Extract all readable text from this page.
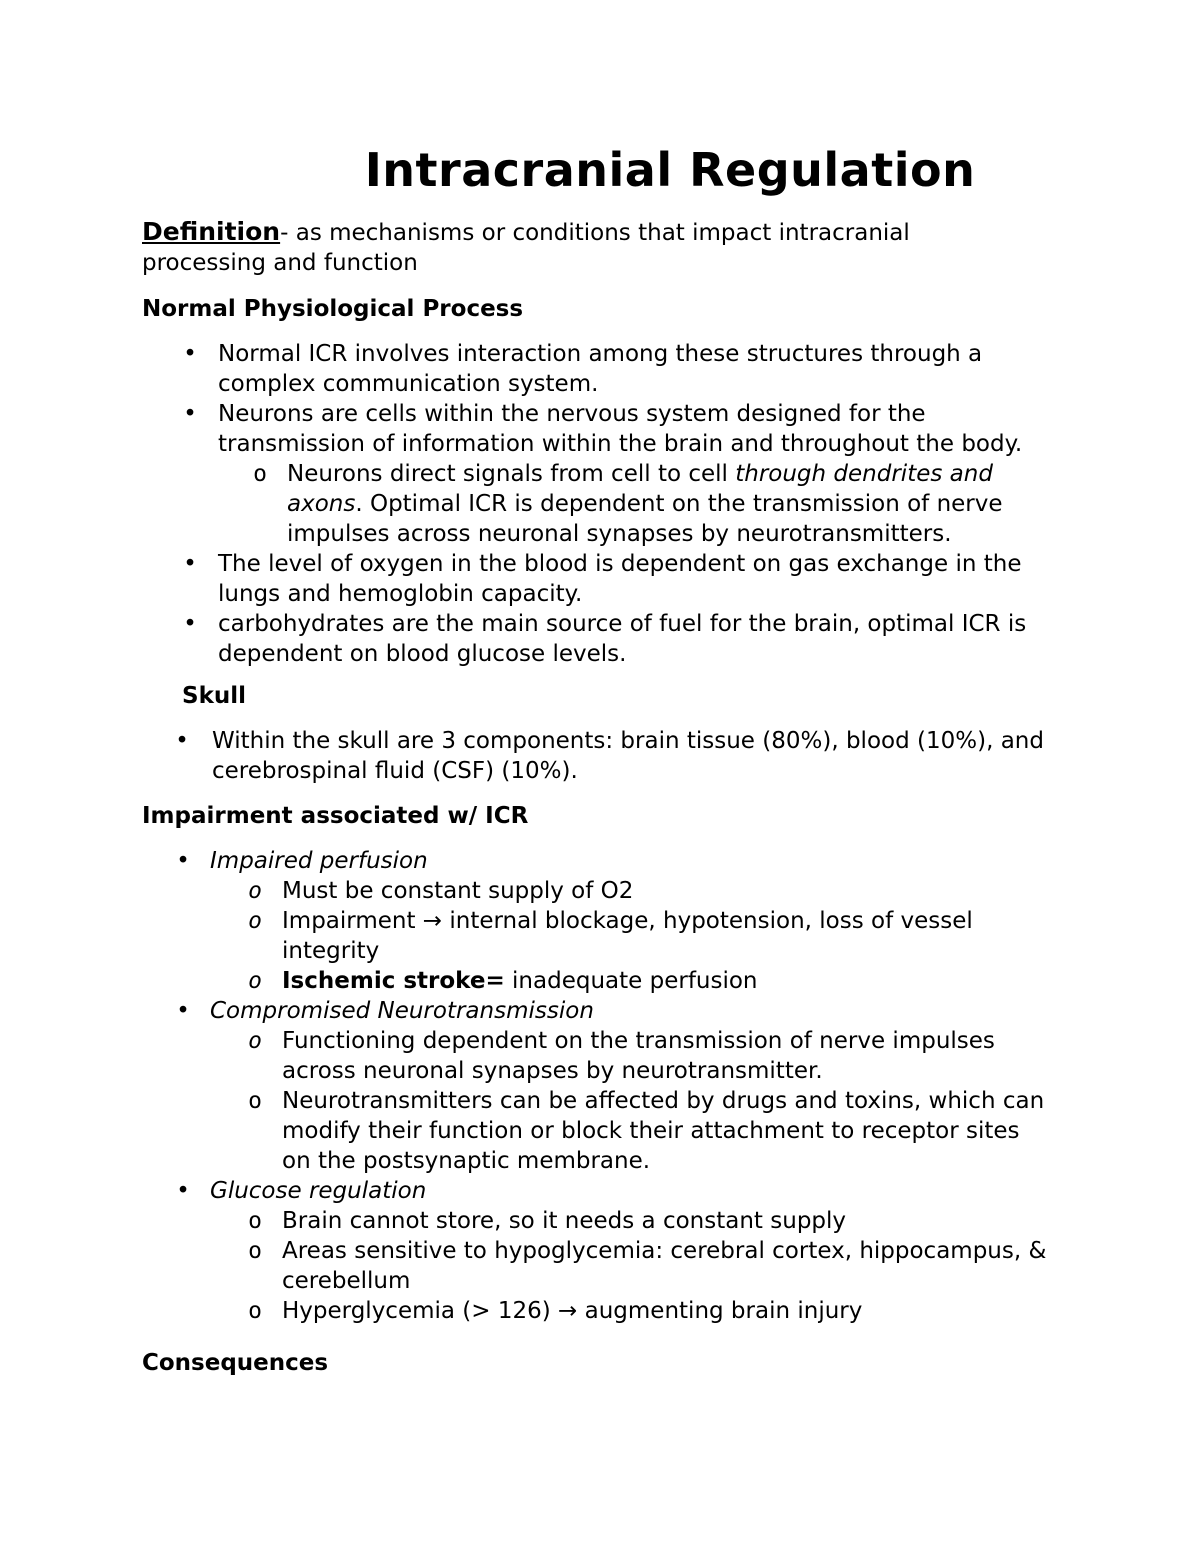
Intracranial Regulation
Definition- as mechanisms or conditions that impact intracranial processing and function
Normal Physiological Process
• Normal ICR involves interaction among these structures through a complex communication system.
• Neurons are cells within the nervous system designed for the transmission of information within the brain and throughout the body.
o Neurons direct signals from cell to cell through dendrites and axons. Optimal ICR is dependent on the transmission of nerve impulses across neuronal synapses by neurotransmitters.
• The level of oxygen in the blood is dependent on gas exchange in the lungs and hemoglobin capacity.
• carbohydrates are the main source of fuel for the brain, optimal ICR is dependent on blood glucose levels.
Skull
• Within the skull are 3 components: brain tissue (80%), blood (10%), and cerebrospinal fluid (CSF) (10%).
Impairment associated w/ ICR
• Impaired perfusion
o Must be constant supply of O2
o Impairment → internal blockage, hypotension, loss of vessel integrity
o Ischemic stroke= inadequate perfusion
• Compromised Neurotransmission
o Functioning dependent on the transmission of nerve impulses across neuronal synapses by neurotransmitter.
o Neurotransmitters can be affected by drugs and toxins, which can modify their function or block their attachment to receptor sites on the postsynaptic membrane.
• Glucose regulation
o Brain cannot store, so it needs a constant supply
o Areas sensitive to hypoglycemia: cerebral cortex, hippocampus, & cerebellum
o Hyperglycemia (> 126) → augmenting brain injury
Consequences
